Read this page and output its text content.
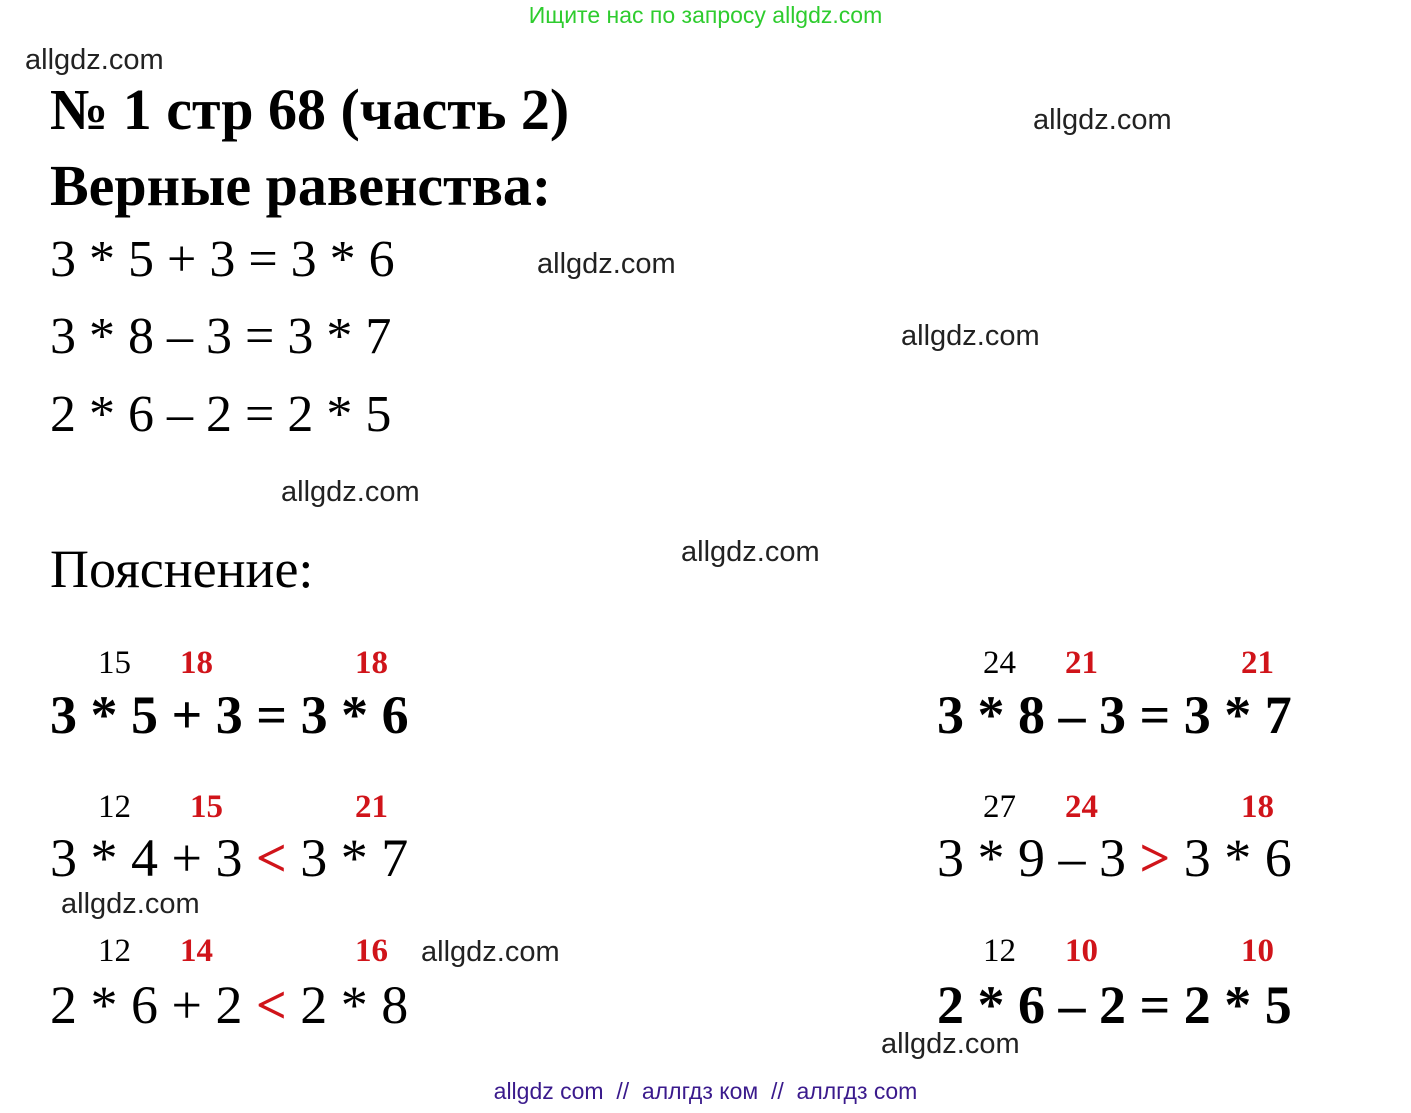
Ищите нас по запросу allgdz.com
allgdz.com
allgdz.com
allgdz.com
allgdz.com
allgdz.com
allgdz.com
allgdz.com
allgdz.com
allgdz.com
№ 1 стр 68 (часть 2)
Верные равенства:
3 * 5 + 3 = 3 * 6
3 * 8 – 3 = 3 * 7
2 * 6 – 2 = 2 * 5
Пояснение:
15 18	18
3 * 5 + 3 = 3 * 6
24 21	21
3 * 8 – 3 = 3 * 7
12 15	21
3 * 4 + 3 < 3 * 7
27 24	18
3 * 9 – 3 > 3 * 6
12 14	16
2 * 6 + 2 < 2 * 8
12 10	10
2 * 6 – 2 = 2 * 5
allgdz com  //  аллгдз ком  //  аллгдз com
